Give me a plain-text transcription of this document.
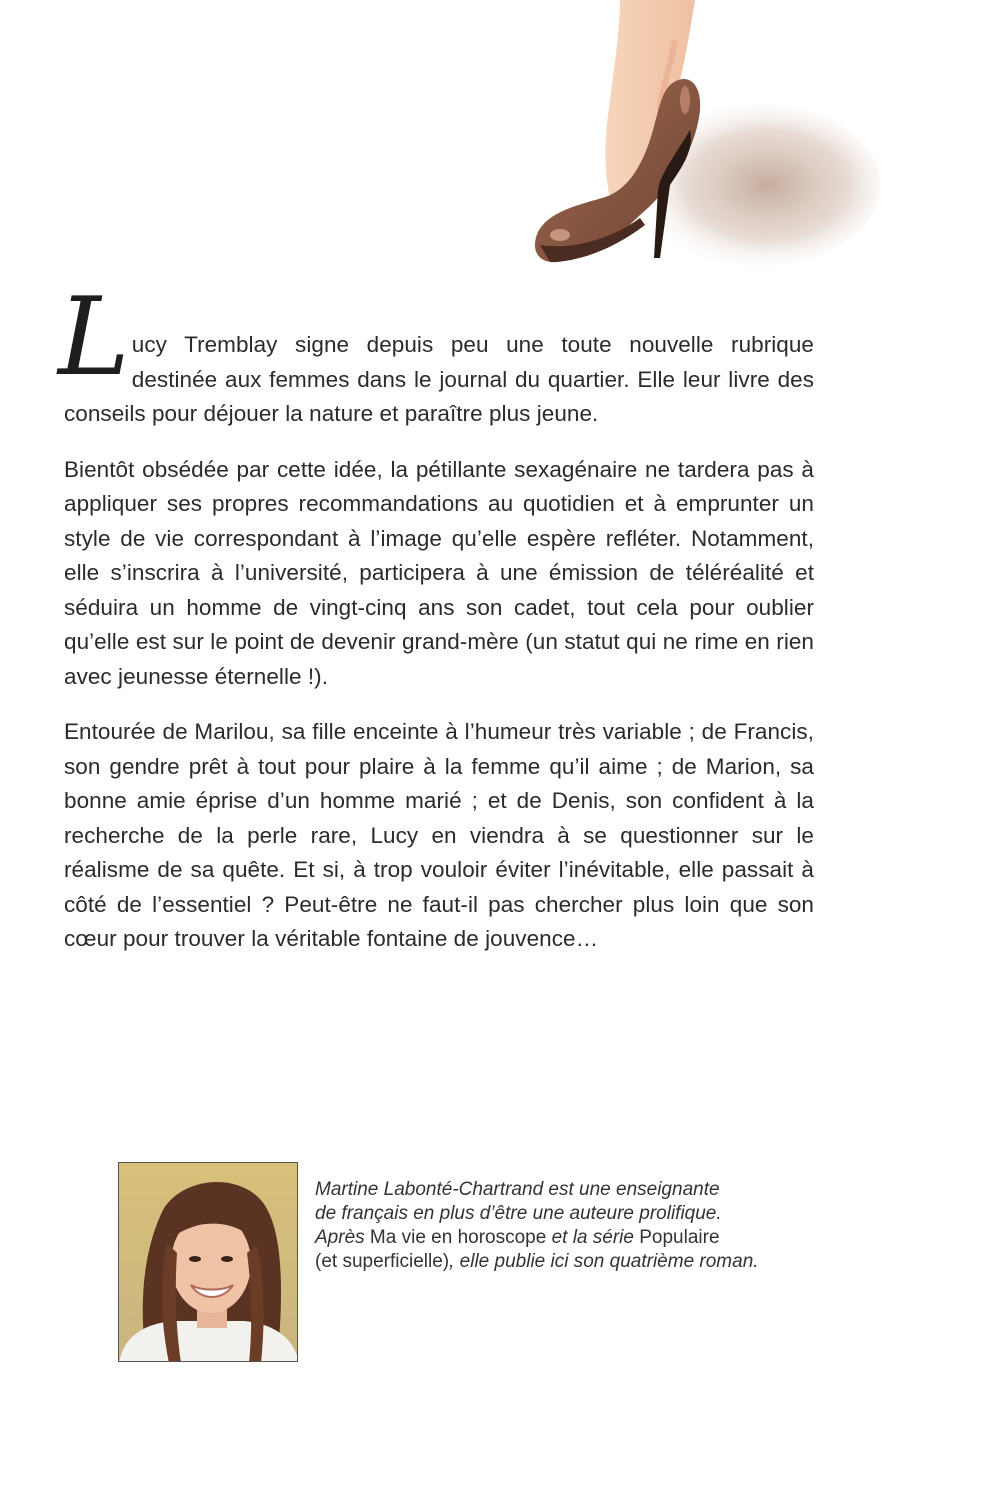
Lucy Tremblay signe depuis peu une toute nouvelle rubrique destinée aux femmes dans le journal du quartier. Elle leur livre des conseils pour déjouer la nature et paraître plus jeune.

Bientôt obsédée par cette idée, la pétillante sexagénaire ne tardera pas à appliquer ses propres recommandations au quotidien et à emprunter un style de vie correspondant à l’image qu’elle espère refléter. Notamment, elle s’inscrira à l’université, participera à une émission de téléréalité et séduira un homme de vingt-cinq ans son cadet, tout cela pour oublier qu’elle est sur le point de devenir grand-mère (un statut qui ne rime en rien avec jeunesse éternelle !).

Entourée de Marilou, sa fille enceinte à l’humeur très variable ; de Francis, son gendre prêt à tout pour plaire à la femme qu’il aime ; de Marion, sa bonne amie éprise d’un homme marié ; et de Denis, son confident à la recherche de la perle rare, Lucy en viendra à se questionner sur le réalisme de sa quête. Et si, à trop vouloir éviter l’inévitable, elle passait à côté de l’essentiel ? Peut-être ne faut-il pas chercher plus loin que son cœur pour trouver la véritable fontaine de jouvence…

Martine Labonté-Chartrand est une enseignante
de français en plus d’être une auteure prolifique.
Après Ma vie en horoscope et la série Populaire
(et superficielle), elle publie ici son quatrième roman.
